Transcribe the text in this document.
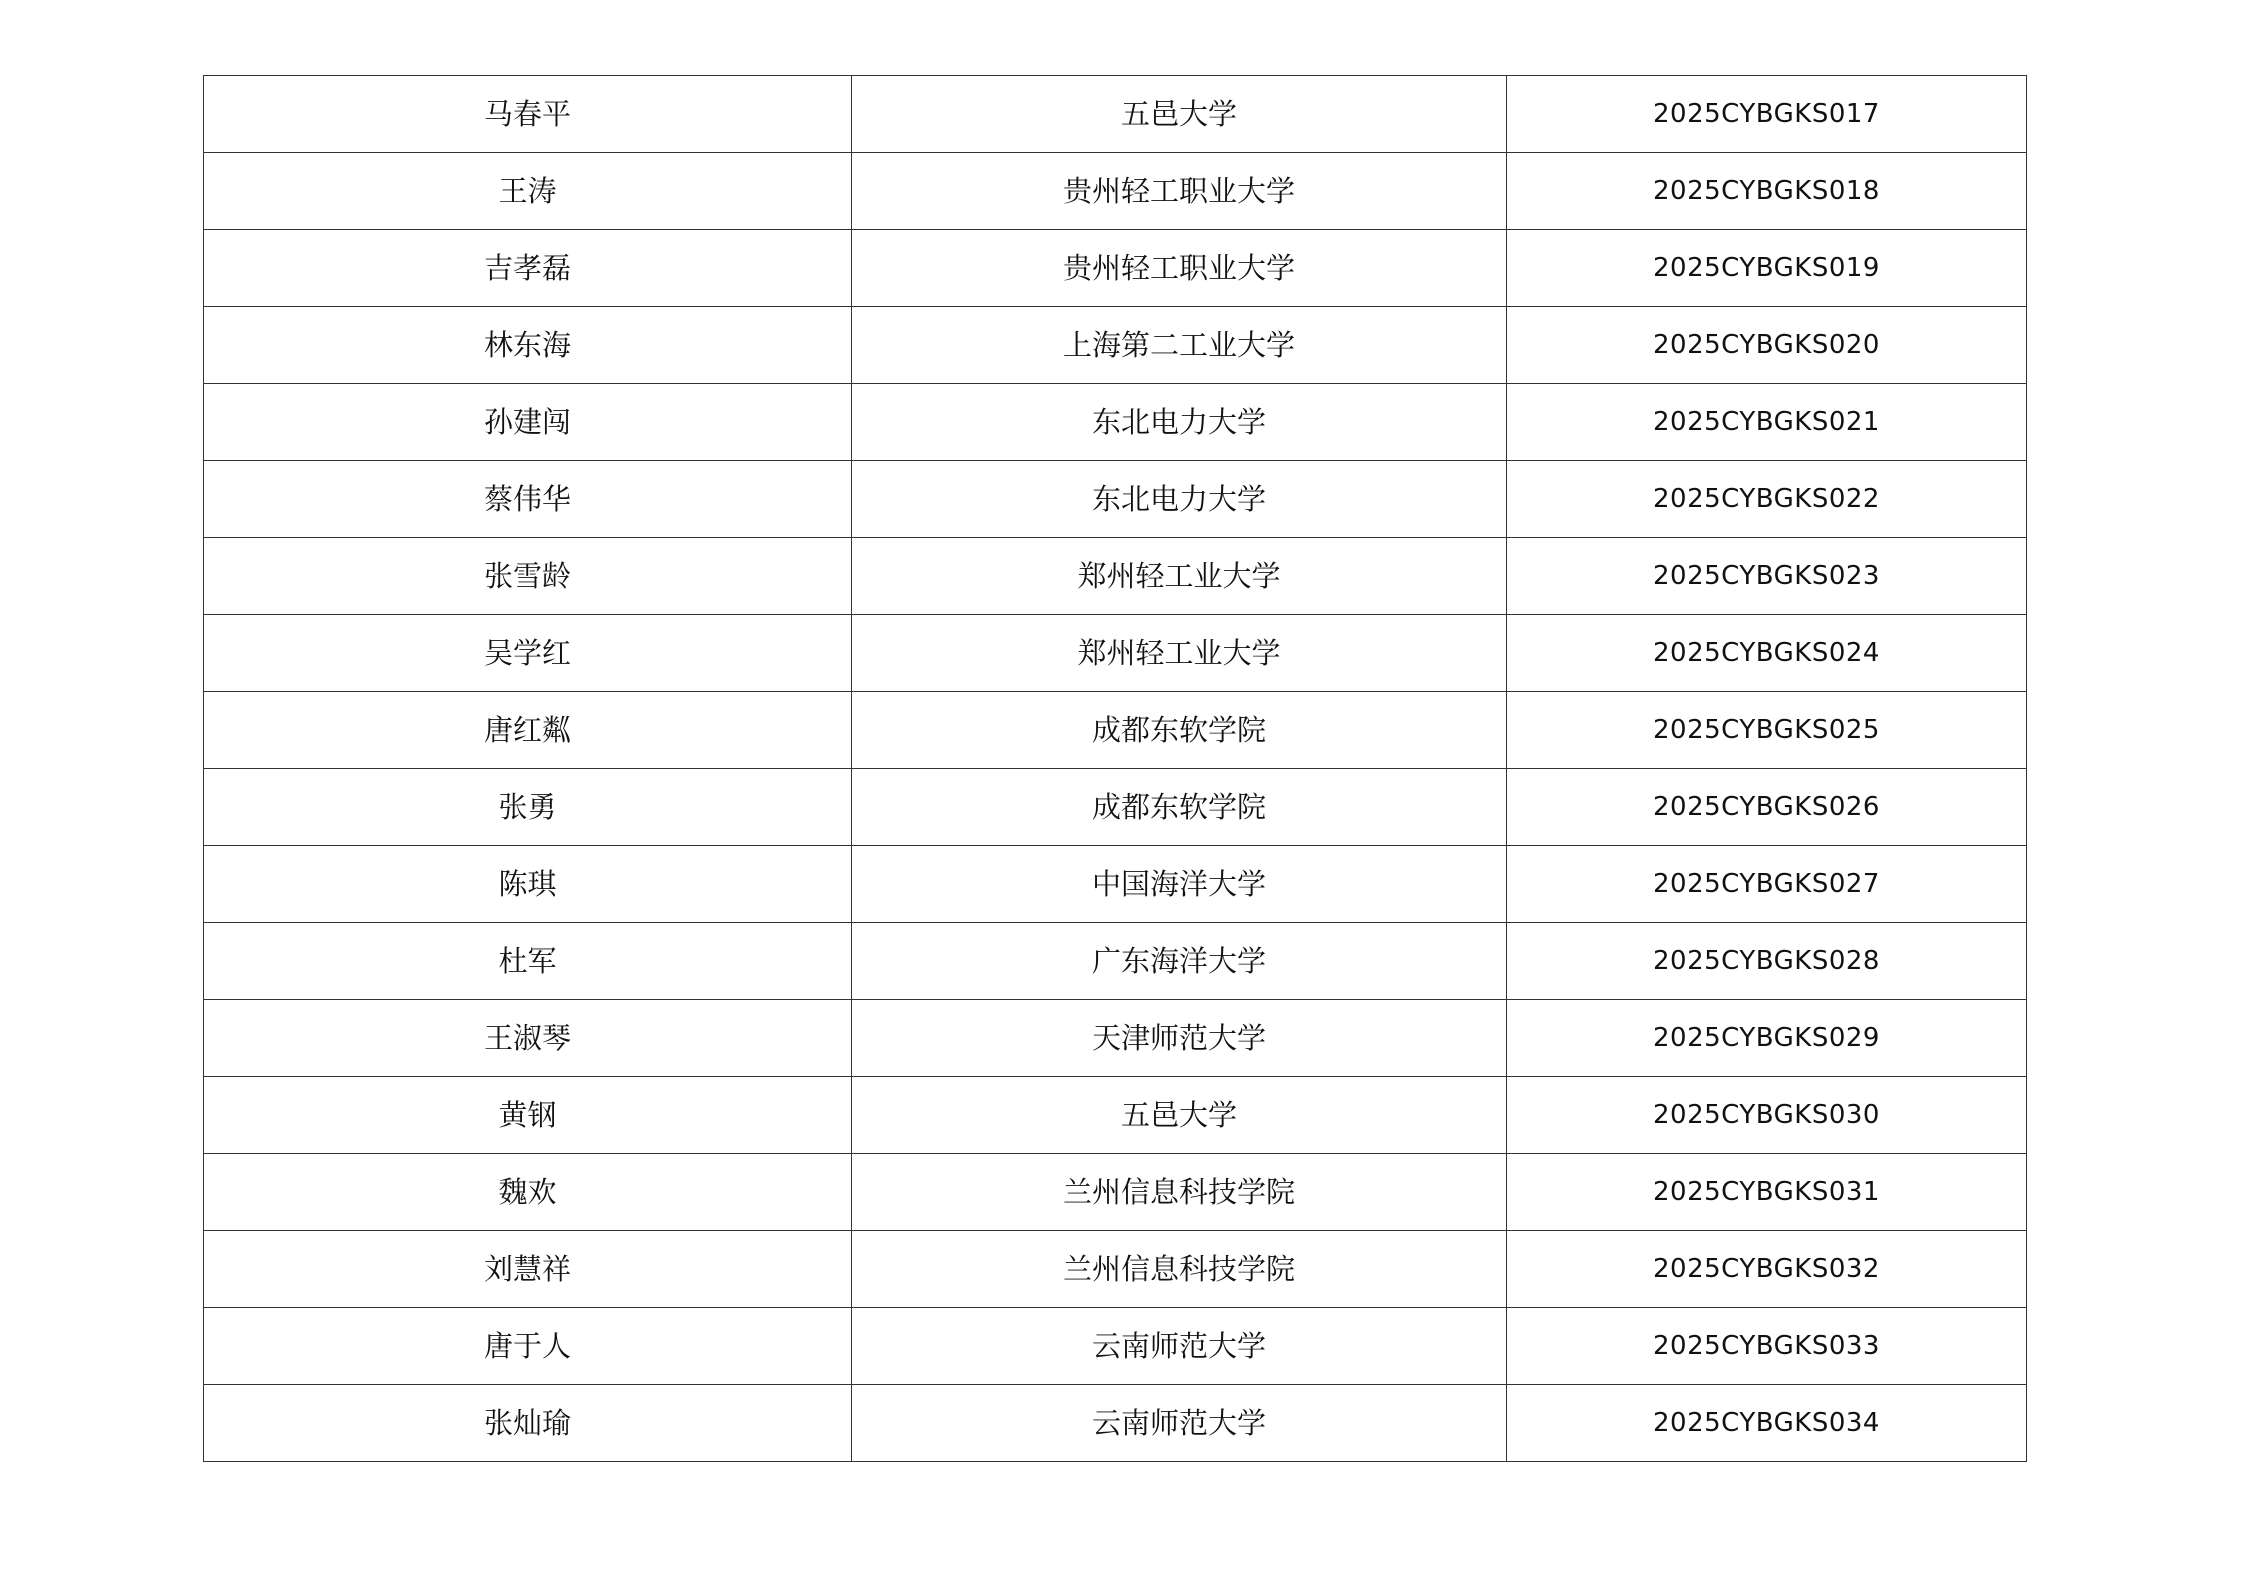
马春平	五邑大学	2025CYBGKS017
王涛	贵州轻工职业大学	2025CYBGKS018
吉孝磊	贵州轻工职业大学	2025CYBGKS019
林东海	上海第二工业大学	2025CYBGKS020
孙建闯	东北电力大学	2025CYBGKS021
蔡伟华	东北电力大学	2025CYBGKS022
张雪龄	郑州轻工业大学	2025CYBGKS023
吴学红	郑州轻工业大学	2025CYBGKS024
唐红粼	成都东软学院	2025CYBGKS025
张勇	成都东软学院	2025CYBGKS026
陈琪	中国海洋大学	2025CYBGKS027
杜军	广东海洋大学	2025CYBGKS028
王淑琴	天津师范大学	2025CYBGKS029
黄钢	五邑大学	2025CYBGKS030
魏欢	兰州信息科技学院	2025CYBGKS031
刘慧祥	兰州信息科技学院	2025CYBGKS032
唐于人	云南师范大学	2025CYBGKS033
张灿瑜	云南师范大学	2025CYBGKS034
